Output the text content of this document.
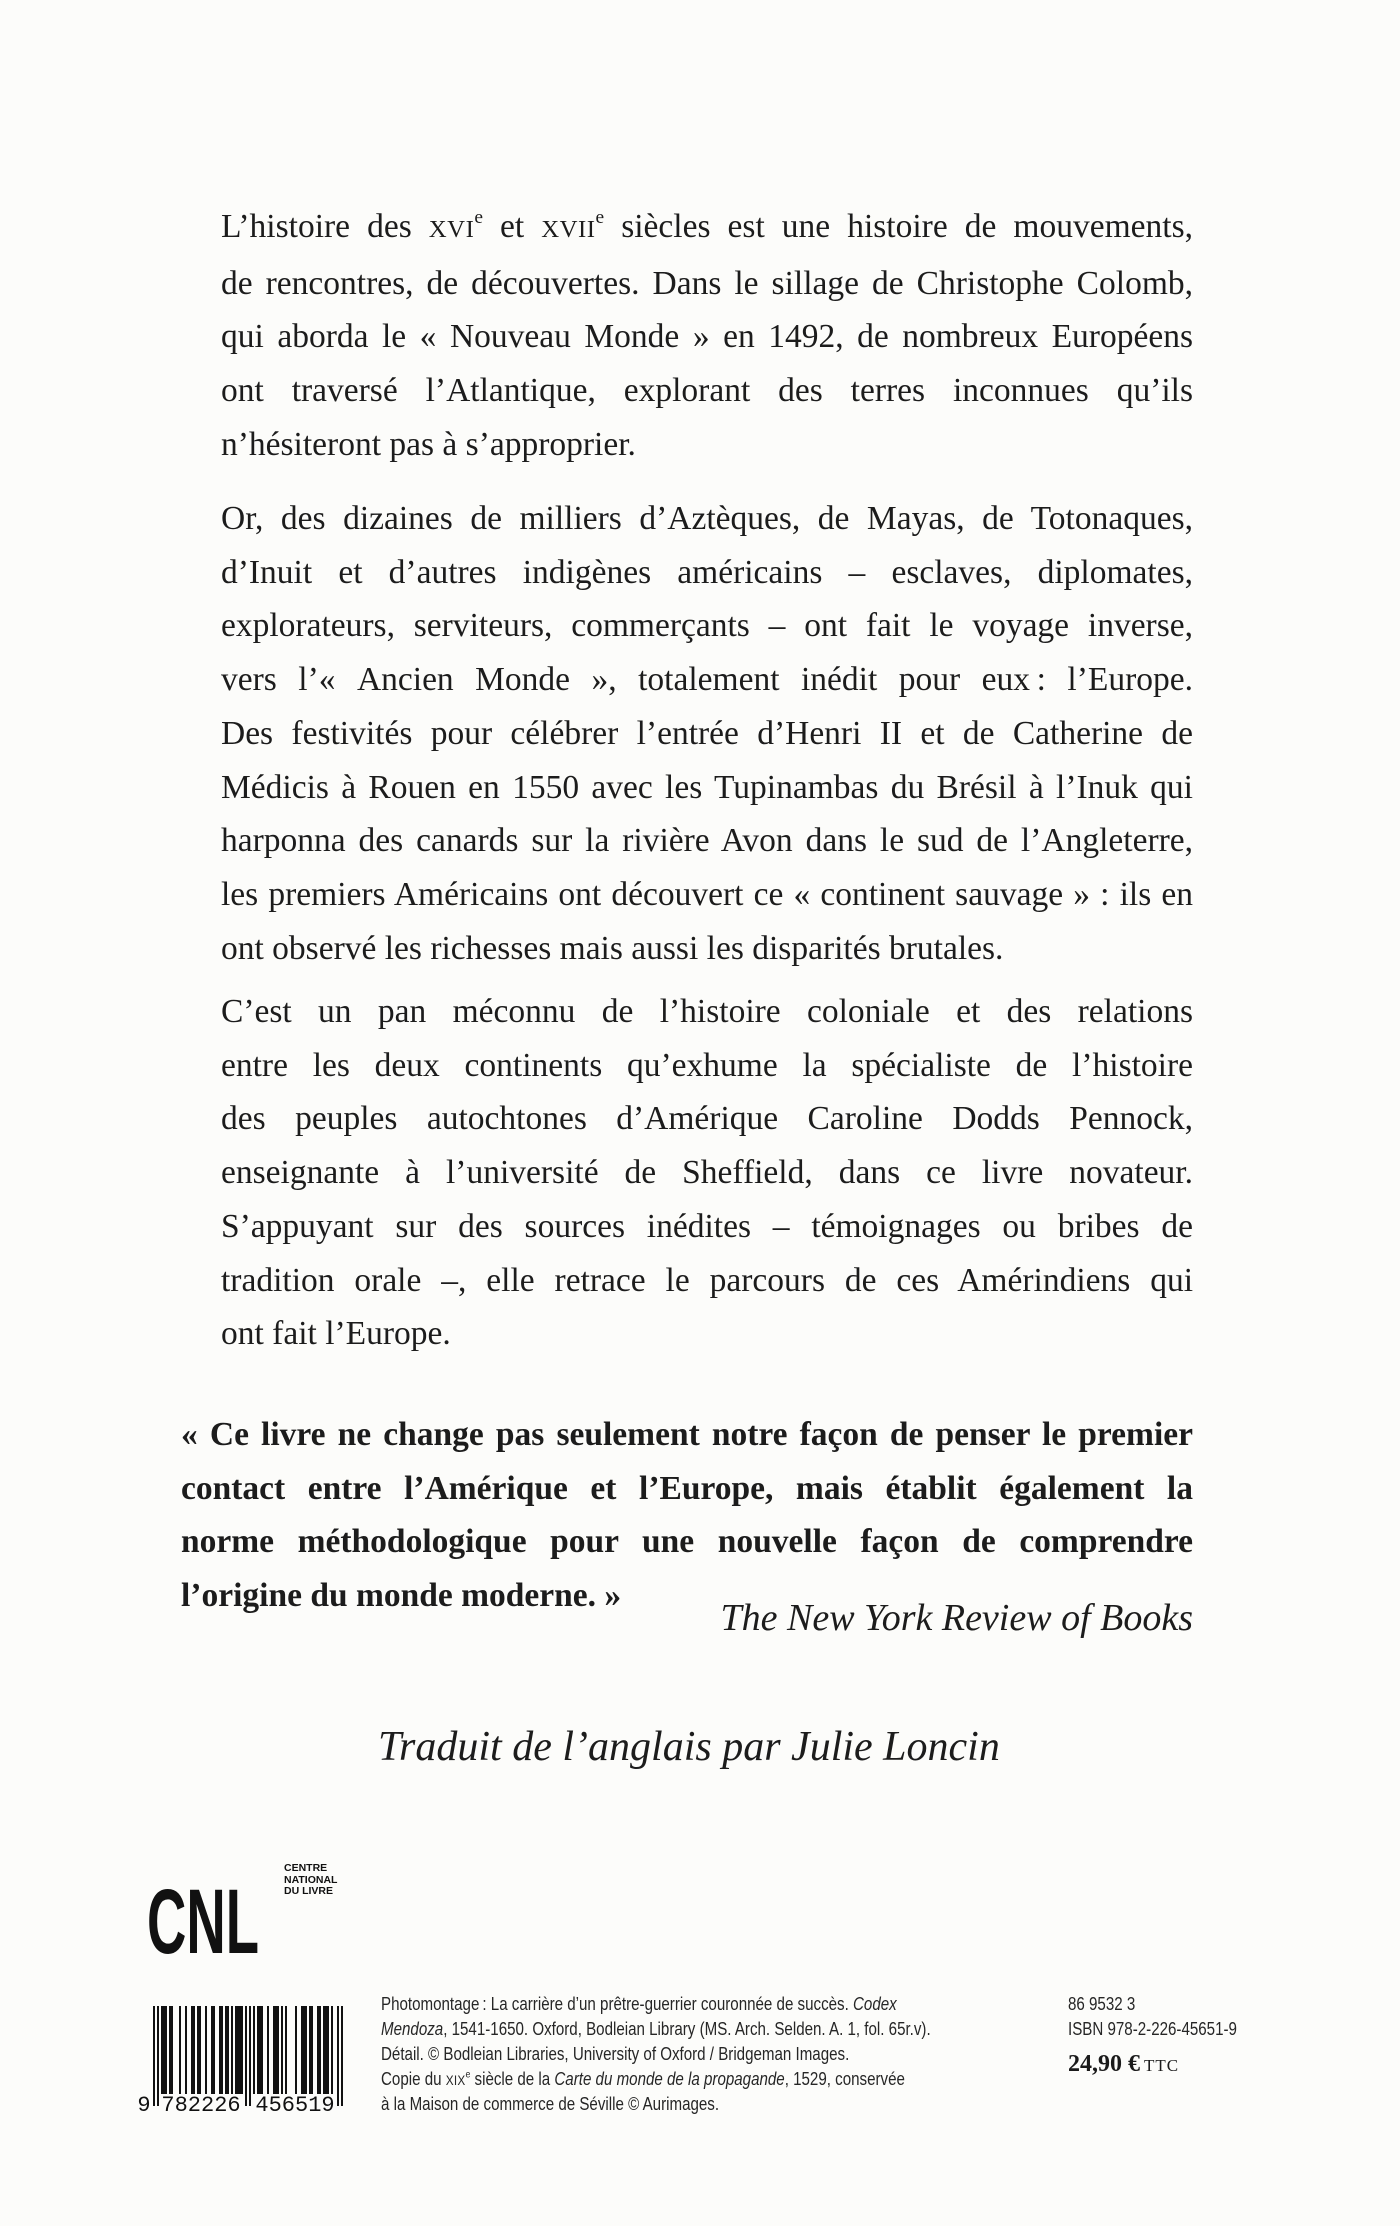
L’histoire des XVIe et XVIIe siècles est une histoire de mouvements,
de rencontres, de découvertes. Dans le sillage de Christophe Colomb,
qui aborda le « Nouveau Monde » en 1492, de nombreux Européens
ont traversé l’Atlantique, explorant des terres inconnues qu’ils
n’hésiteront pas à s’approprier.
Or, des dizaines de milliers d’Aztèques, de Mayas, de Totonaques,
d’Inuit et d’autres indigènes américains – esclaves, diplomates,
explorateurs, serviteurs, commerçants – ont fait le voyage inverse,
vers l’« Ancien Monde », totalement inédit pour eux : l’Europe.
Des festivités pour célébrer l’entrée d’Henri II et de Catherine de
Médicis à Rouen en 1550 avec les Tupinambas du Brésil à l’Inuk qui
harponna des canards sur la rivière Avon dans le sud de l’Angleterre,
les premiers Américains ont découvert ce « continent sauvage » : ils en
ont observé les richesses mais aussi les disparités brutales.
C’est un pan méconnu de l’histoire coloniale et des relations
entre les deux continents qu’exhume la spécialiste de l’histoire
des peuples autochtones d’Amérique Caroline Dodds Pennock,
enseignante à l’université de Sheffield, dans ce livre novateur.
S’appuyant sur des sources inédites – témoignages ou bribes de
tradition orale –, elle retrace le parcours de ces Amérindiens qui
ont fait l’Europe.
« Ce livre ne change pas seulement notre façon de penser le premier
contact entre l’Amérique et l’Europe, mais établit également la
norme méthodologique pour une nouvelle façon de comprendre
l’origine du monde moderne. »
The New York Review of Books
Traduit de l’anglais par Julie Loncin
CNL
CENTRE
NATIONAL
DU LIVRE
9 782226 456519
Photomontage : La carrière d’un prêtre-guerrier couronnée de succès. Codex
Mendoza, 1541-1650. Oxford, Bodleian Library (MS. Arch. Selden. A. 1, fol. 65r.v).
Détail. © Bodleian Libraries, University of Oxford / Bridgeman Images.
Copie du XIXe siècle de la Carte du monde de la propagande, 1529, conservée
à la Maison de commerce de Séville © Aurimages.
86 9532 3
ISBN 978-2-226-45651-9
24,90 € TTC
